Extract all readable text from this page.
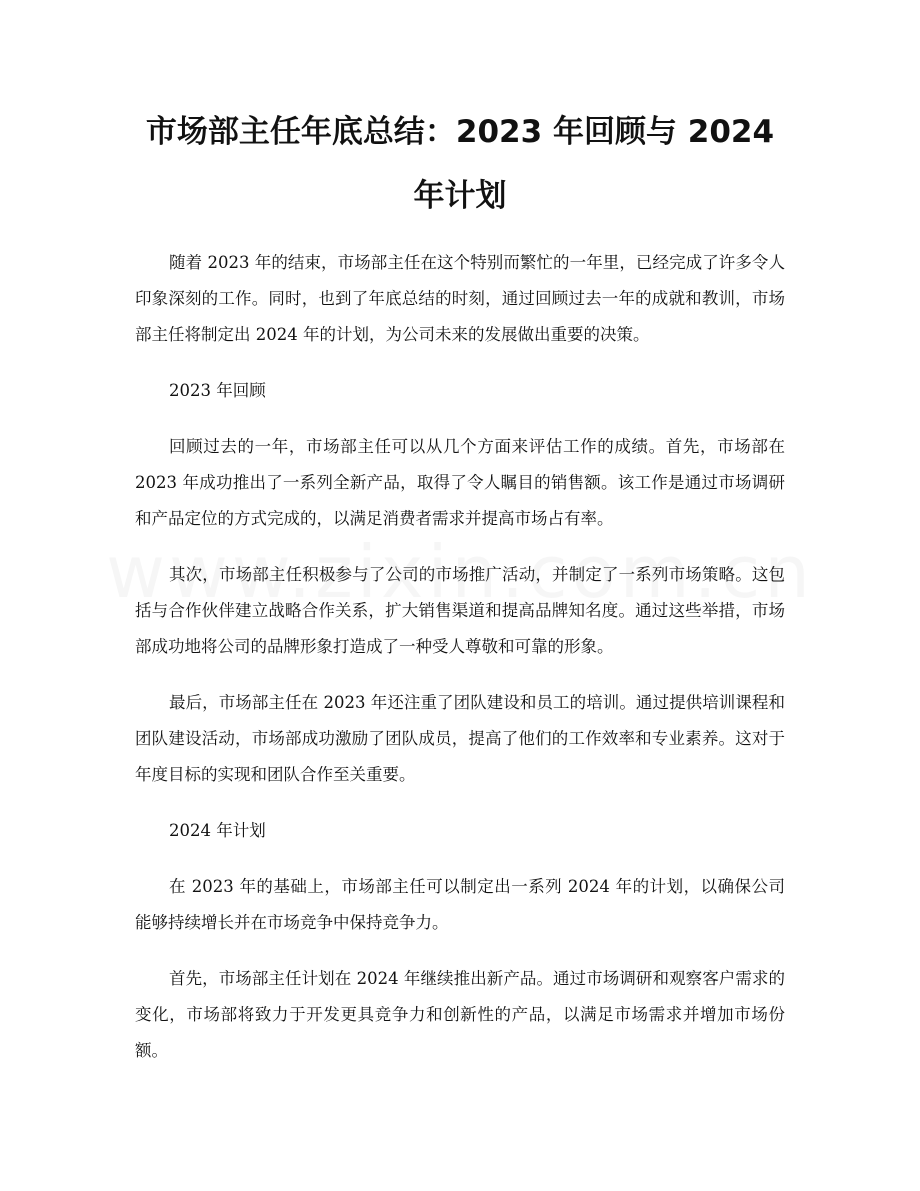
市场部主任年底总结：2023 年回顾与 2024 年计划

随着 2023 年的结束，市场部主任在这个特别而繁忙的一年里，已经完成了许多令人印象深刻的工作。同时，也到了年底总结的时刻，通过回顾过去一年的成就和教训，市场部主任将制定出 2024 年的计划，为公司未来的发展做出重要的决策。

2023 年回顾

回顾过去的一年，市场部主任可以从几个方面来评估工作的成绩。首先，市场部在 2023 年成功推出了一系列全新产品，取得了令人瞩目的销售额。该工作是通过市场调研和产品定位的方式完成的，以满足消费者需求并提高市场占有率。

其次，市场部主任积极参与了公司的市场推广活动，并制定了一系列市场策略。这包括与合作伙伴建立战略合作关系，扩大销售渠道和提高品牌知名度。通过这些举措，市场部成功地将公司的品牌形象打造成了一种受人尊敬和可靠的形象。

最后，市场部主任在 2023 年还注重了团队建设和员工的培训。通过提供培训课程和团队建设活动，市场部成功激励了团队成员，提高了他们的工作效率和专业素养。这对于年度目标的实现和团队合作至关重要。

2024 年计划

在 2023 年的基础上，市场部主任可以制定出一系列 2024 年的计划，以确保公司能够持续增长并在市场竞争中保持竞争力。

首先，市场部主任计划在 2024 年继续推出新产品。通过市场调研和观察客户需求的变化，市场部将致力于开发更具竞争力和创新性的产品，以满足市场需求并增加市场份额。
